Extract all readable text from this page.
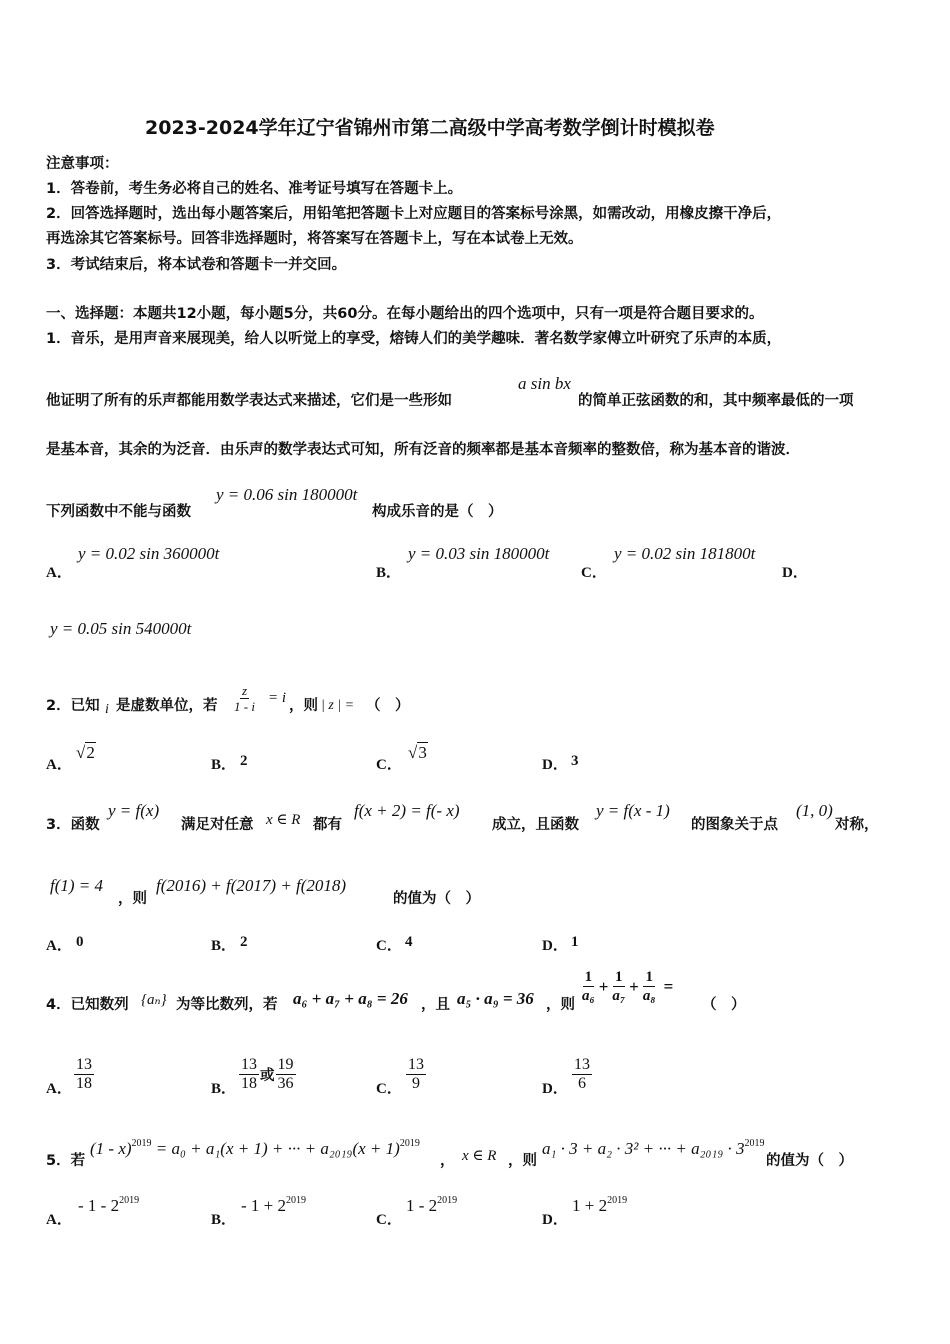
2023-2024学年辽宁省锦州市第二高级中学高考数学倒计时模拟卷
注意事项：
1．答卷前，考生务必将自己的姓名、准考证号填写在答题卡上。
2．回答选择题时，选出每小题答案后，用铅笔把答题卡上对应题目的答案标号涂黑，如需改动，用橡皮擦干净后，
再选涂其它答案标号。回答非选择题时，将答案写在答题卡上，写在本试卷上无效。
3．考试结束后，将本试卷和答题卡一并交回。
一、选择题：本题共12小题，每小题5分，共60分。在每小题给出的四个选项中，只有一项是符合题目要求的。
1．音乐，是用声音来展现美，给人以听觉上的享受，熔铸人们的美学趣味．著名数学家傅立叶研究了乐声的本质，
他证明了所有的乐声都能用数学表达式来描述，它们是一些形如
a sin bx
的简单正弦函数的和，其中频率最低的一项
是基本音，其余的为泛音．由乐声的数学表达式可知，所有泛音的频率都是基本音频率的整数倍，称为基本音的谐波．
下列函数中不能与函数
y = 0.06 sin 180000t
构成乐音的是（　）
A．
y = 0.02 sin 360000t
B．
y = 0.03 sin 180000t
C．
y = 0.02 sin 181800t
D．
y = 0.05 sin 540000t
2．已知 i 是虚数单位，若 $\frac{z}{1 - i} = i$ ，则 | z | = （　）
A．
√2
B． 2	C．
√3
D． 3
3．函数
y = f(x)
满足对任意 x ∈ R 都有
f(x + 2) = f(- x)
成立，且函数
y = f(x - 1)
的图象关于点
(1, 0)
对称，
f(1) = 4
，则
f(2016) + f(2017) + f(2018)
的值为（　）
A． 0	B． 2	C． 4	D． 1
4．已知数列 {aₙ} 为等比数列，若 a₆ + a₇ + a₈ = 26 ，且 a₅ · a₉ = 36 ，则 $\frac{1}{\text{a₆}} + \frac{1}{\text{a₇}} + \frac{1}{\text{a₈}}$ =
（　）
A． $\frac{13}{18}$	B． $\frac{13}{18}$ 或 $\frac{19}{36}$	C． $\frac{13}{9}$	D． $\frac{13}{6}$
5．若
(1 - x)$^{2019}$ = a₀ + a₁(x + 1) + ··· + $a_{2019}(x + 1)^{2019}$
， x ∈ R ，则
a₁ · 3 + a₂ · 3² + ··· + $a_{2019} \cdot 3^{2019}$
的值为（　）
A．
- $1 - 2^{2019}$
B．
- $1 + 2^{2019}$
C．
$1 - 2^{2019}$
D．
$1 + 2^{2019}$
